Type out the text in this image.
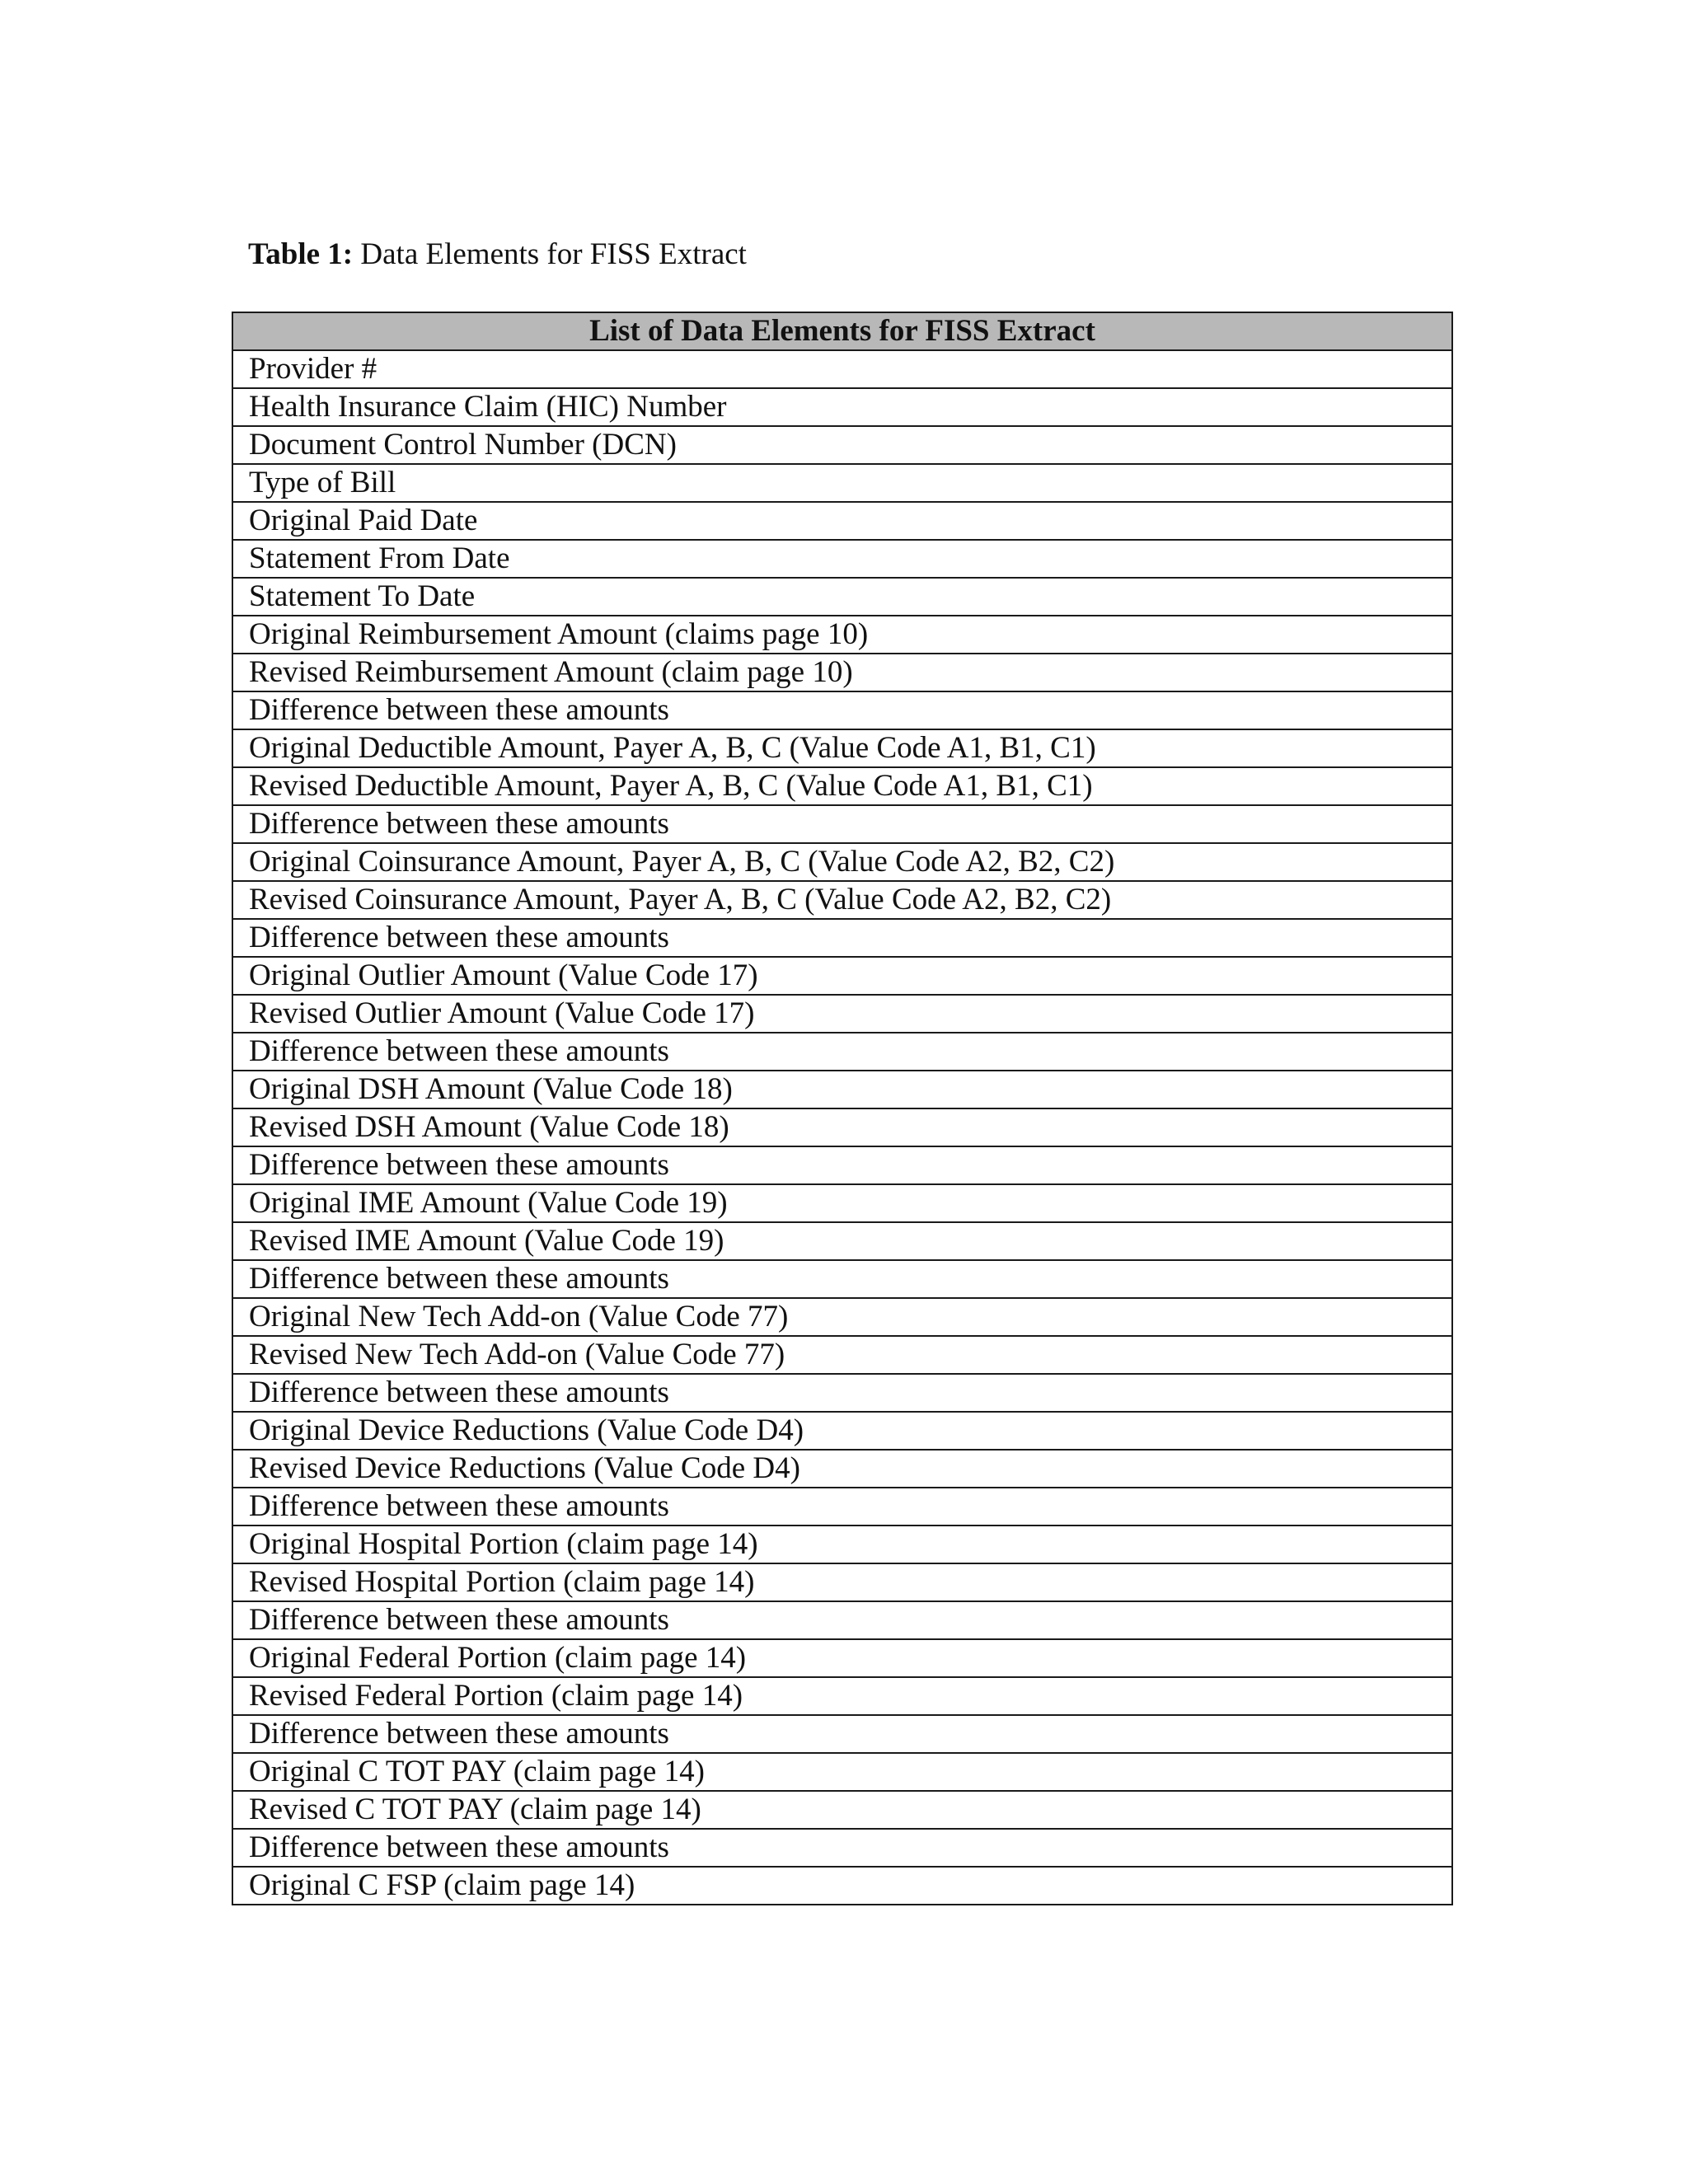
Table 1: Data Elements for FISS Extract
List of Data Elements for FISS Extract
Provider #
Health Insurance Claim (HIC) Number
Document Control Number (DCN)
Type of Bill
Original Paid Date
Statement From Date
Statement To Date
Original Reimbursement Amount (claims page 10)
Revised Reimbursement Amount (claim page 10)
Difference between these amounts
Original Deductible Amount, Payer A, B, C (Value Code A1, B1, C1)
Revised Deductible Amount, Payer A, B, C (Value Code A1, B1, C1)
Difference between these amounts
Original Coinsurance Amount, Payer A, B, C (Value Code A2, B2, C2)
Revised Coinsurance Amount, Payer A, B, C (Value Code A2, B2, C2)
Difference between these amounts
Original Outlier Amount (Value Code 17)
Revised Outlier Amount (Value Code 17)
Difference between these amounts
Original DSH Amount (Value Code 18)
Revised DSH Amount (Value Code 18)
Difference between these amounts
Original IME Amount (Value Code 19)
Revised IME Amount (Value Code 19)
Difference between these amounts
Original New Tech Add-on (Value Code 77)
Revised New Tech Add-on (Value Code 77)
Difference between these amounts
Original Device Reductions (Value Code D4)
Revised Device Reductions (Value Code D4)
Difference between these amounts
Original Hospital Portion (claim page 14)
Revised Hospital Portion (claim page 14)
Difference between these amounts
Original Federal Portion (claim page 14)
Revised Federal Portion (claim page 14)
Difference between these amounts
Original C TOT PAY (claim page 14)
Revised C TOT PAY (claim page 14)
Difference between these amounts
Original C FSP (claim page 14)
